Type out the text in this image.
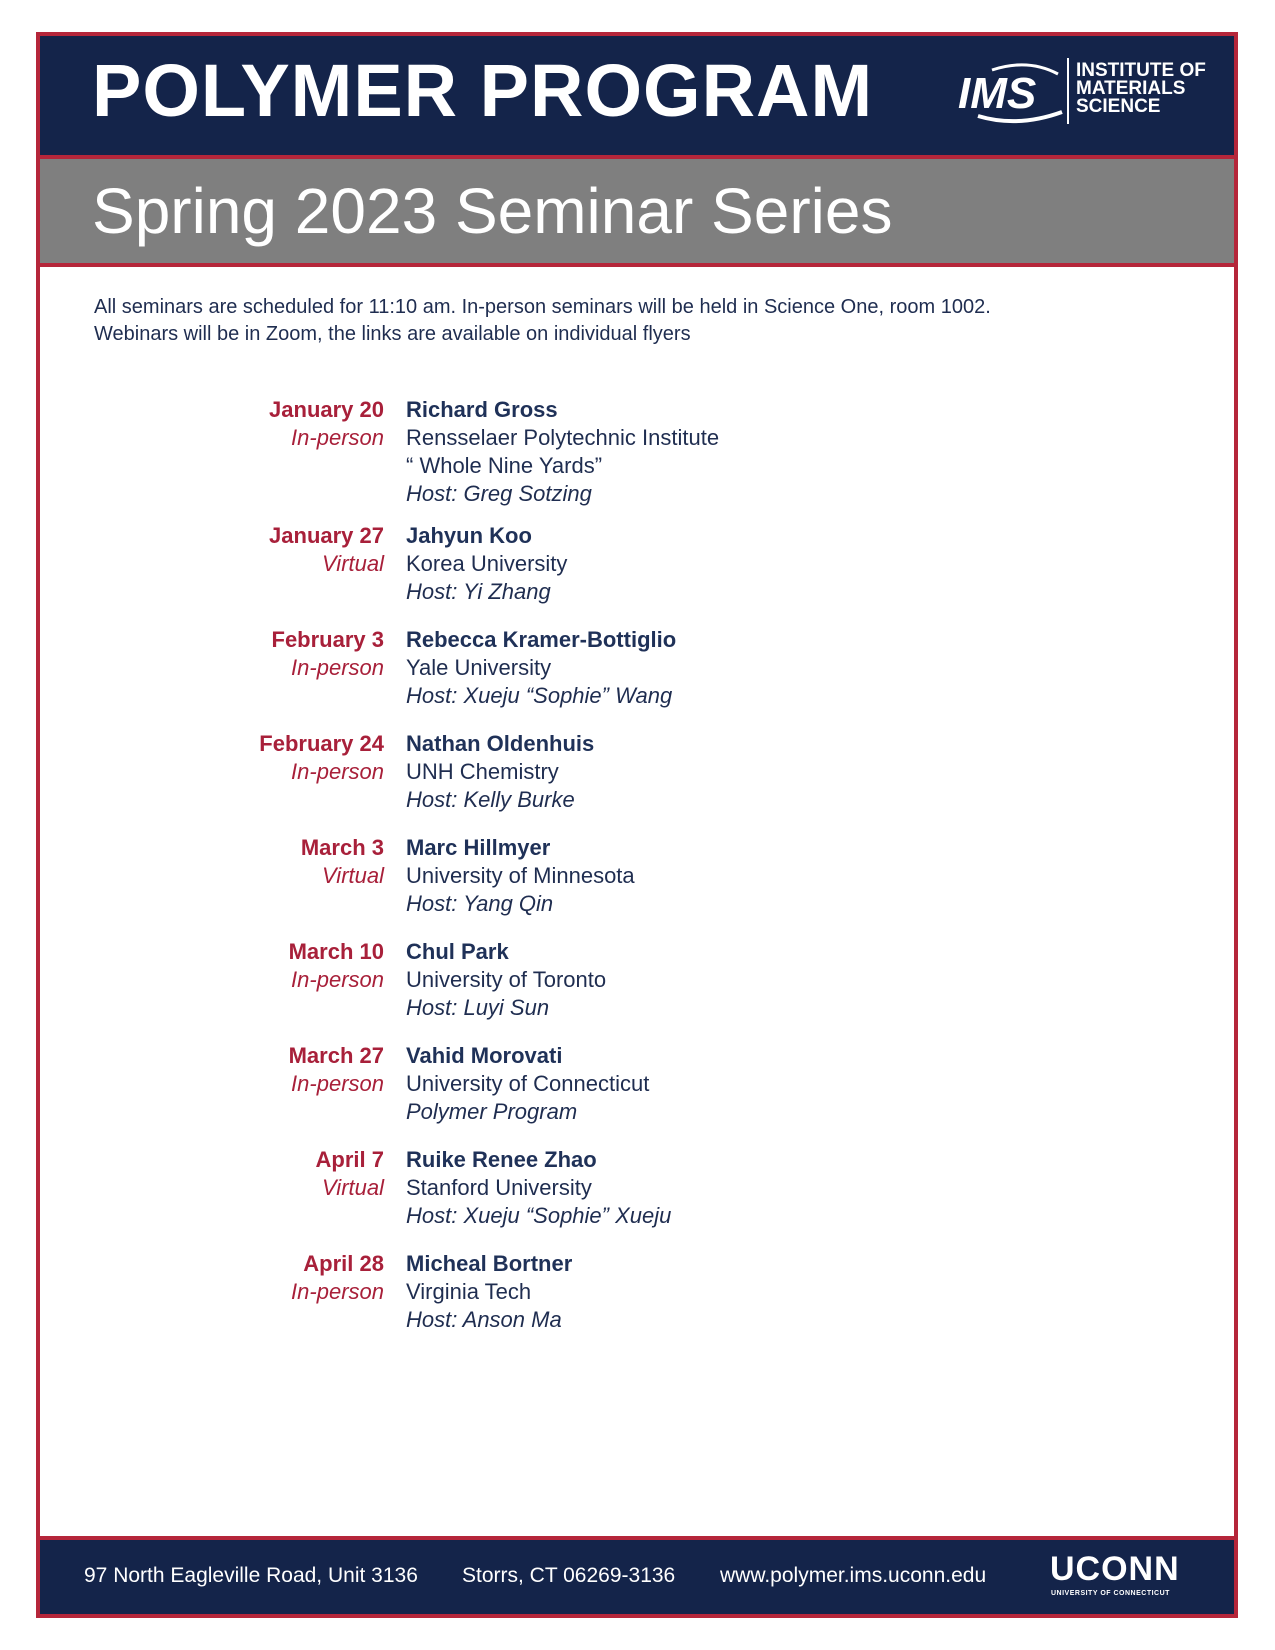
POLYMER PROGRAM IMS INSTITUTE OF
MATERIALS
SCIENCE
Spring 2023 Seminar Series
All seminars are scheduled for 11:10 am. In-person seminars will be held in Science One, room 1002.
Webinars will be in Zoom, the links are available on individual flyers
January 20
In-person
Richard Gross
Rensselaer Polytechnic Institute
“ Whole Nine Yards”
Host: Greg Sotzing
January 27
Virtual
Jahyun Koo
Korea University
Host: Yi Zhang
February 3
In-person
Rebecca Kramer-Bottiglio
Yale University
Host: Xueju “Sophie” Wang
February 24
In-person
Nathan Oldenhuis
UNH Chemistry
Host: Kelly Burke
March 3
Virtual
Marc Hillmyer
University of Minnesota
Host: Yang Qin
March 10
In-person
Chul Park
University of Toronto
Host: Luyi Sun
March 27
In-person
Vahid Morovati
University of Connecticut
Polymer Program
April 7
Virtual
Ruike Renee Zhao
Stanford University
Host: Xueju “Sophie” Xueju
April 28
In-person
Micheal Bortner
Virginia Tech
Host: Anson Ma
97 North Eagleville Road, Unit 3136 Storrs, CT 06269-3136 www.polymer.ims.uconn.edu UCONN
UNIVERSITY OF CONNECTICUT
